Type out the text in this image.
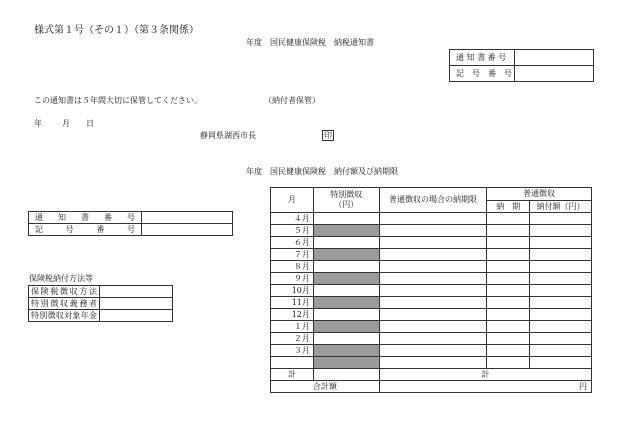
様式第１号（その１）（第３条関係）
年度　国民健康保険税　納税通知書
通 知 書 番 号	
記　号　番　号	
この通知書は５年間大切に保管してください。	（納付者保管）
年	月 日
静岡県湖西市長	印
年度　国民健康保険税　納付額及び納期限
通　知　書　番　号	

記　号　番　号	

保険税納付方法等
保険税徴収方法	

特別徴収義務者	

特別徴収対象年金	

月	特別徴収
（円）	普通徴収の場合の納期限	普通徴収	
			納　期	納付額（円）
４月				
５月				
６月				
７月				
８月				
９月				
10月				
11月				
12月				
１月				
２月				
３月				

計		計		
合計額		円		
